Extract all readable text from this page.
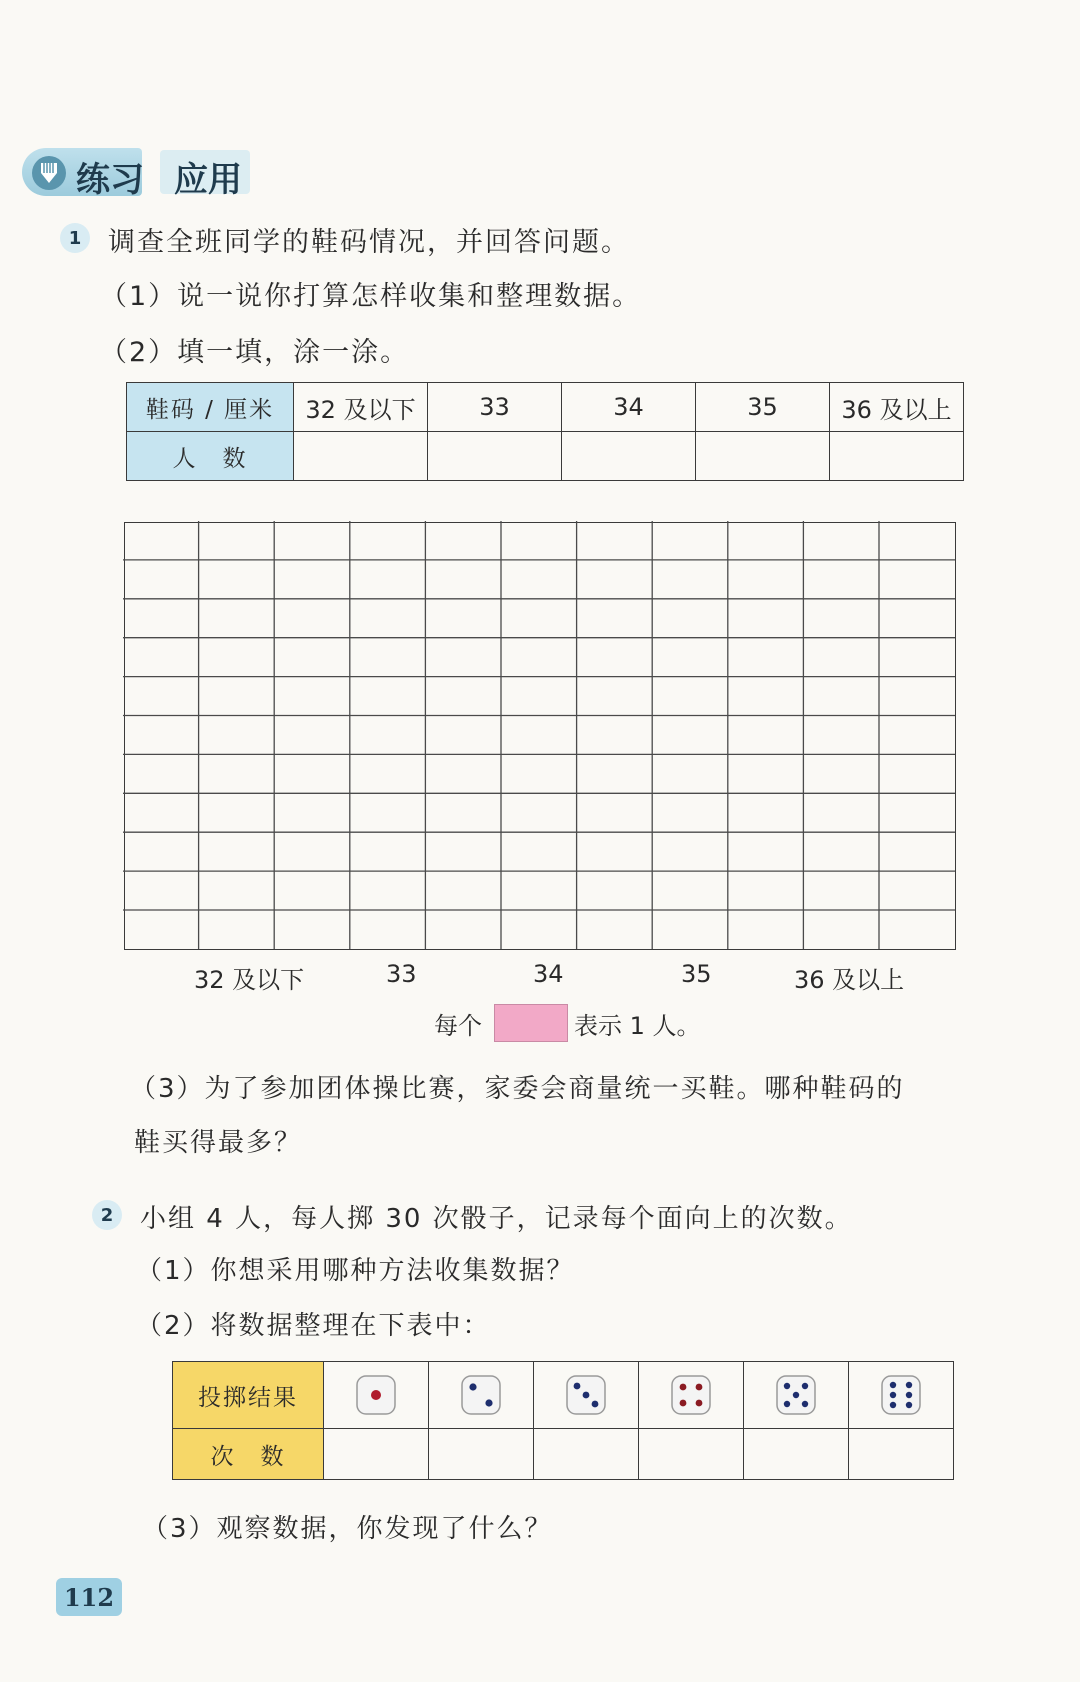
练习 应用
1 调查全班同学的鞋码情况，并回答问题。
（1）说一说你打算怎样收集和整理数据。
（2）填一填，涂一涂。
鞋码 / 厘米	32 及以下	33	34	35	36 及以上
人　数					
32 及以下	33	34	35	36 及以上
每个	表示 1 人。
（3）为了参加团体操比赛，家委会商量统一买鞋。哪种鞋码的
鞋买得最多？
2	小组 4 人，每人掷 30 次骰子，记录每个面向上的次数。
（1）你想采用哪种方法收集数据？
（2）将数据整理在下表中：
投掷结果						
次　数						
（3）观察数据，你发现了什么？
112
